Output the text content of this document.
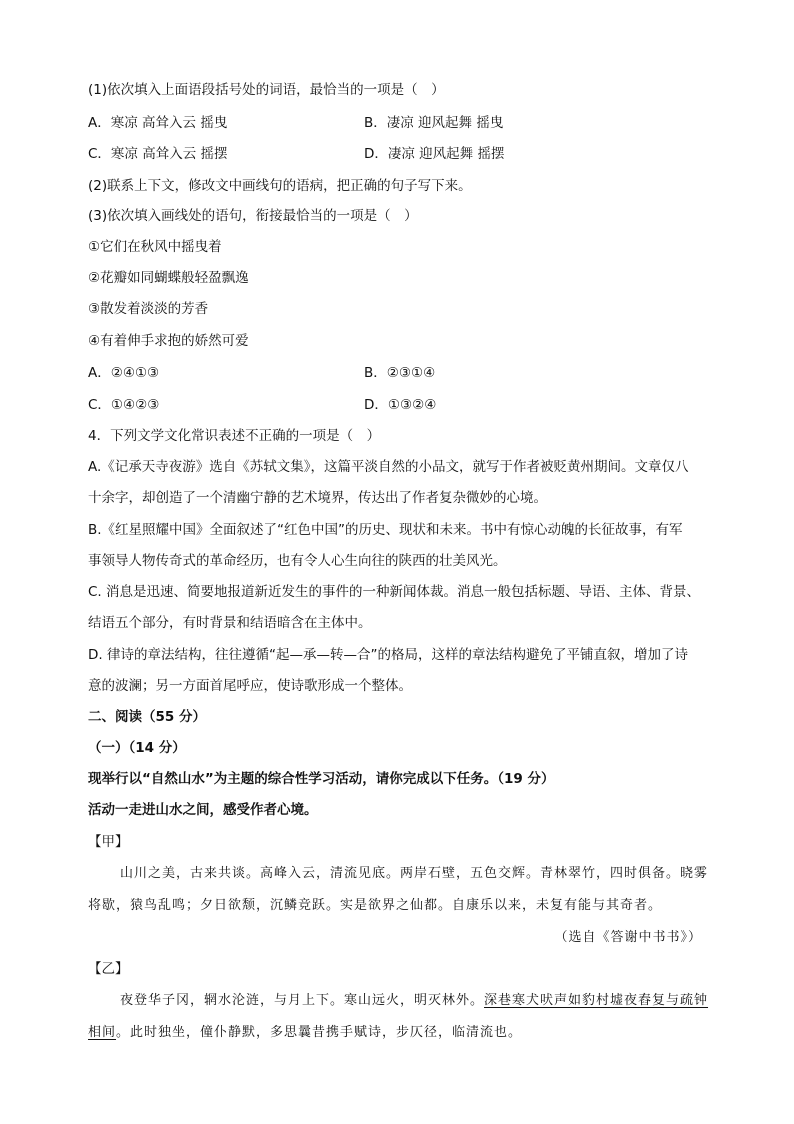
(1)依次填入上面语段括号处的词语，最恰当的一项是（　）
A．寒凉 高耸入云 摇曳	B．凄凉 迎风起舞 摇曳
C．寒凉 高耸入云 摇摆	D．凄凉 迎风起舞 摇摆
(2)联系上下文，修改文中画线句的语病，把正确的句子写下来。
(3)依次填入画线处的语句，衔接最恰当的一项是（　）
①它们在秋风中摇曳着
②花瓣如同蝴蝶般轻盈飘逸
③散发着淡淡的芳香
④有着伸手求抱的娇然可爱
A．②④①③	B．②③①④
C．①④②③	D．①③②④
4．下列文学文化常识表述不正确的一项是（　）
A.《记承天寺夜游》选自《苏轼文集》，这篇平淡自然的小品文，就写于作者被贬黄州期间。文章仅八
十余字，却创造了一个清幽宁静的艺术境界，传达出了作者复杂微妙的心境。
B.《红星照耀中国》全面叙述了“红色中国”的历史、现状和未来。书中有惊心动魄的长征故事，有军
事领导人物传奇式的革命经历，也有令人心生向往的陕西的壮美风光。
C. 消息是迅速、简要地报道新近发生的事件的一种新闻体裁。消息一般包括标题、导语、主体、背景、
结语五个部分，有时背景和结语暗含在主体中。
D. 律诗的章法结构，往往遵循“起—承—转—合”的格局，这样的章法结构避免了平铺直叙，增加了诗
意的波澜；另一方面首尾呼应，使诗歌形成一个整体。
二、阅读（55 分）
（一）（14 分）
现举行以“自然山水”为主题的综合性学习活动，请你完成以下任务。（19 分）
活动一走进山水之间，感受作者心境。
【甲】
山川之美，古来共谈。高峰入云，清流见底。两岸石壁，五色交辉。青林翠竹，四时俱备。晓雾
将歇，猿鸟乱鸣；夕日欲颓，沉鳞竞跃。实是欲界之仙都。自康乐以来，未复有能与其奇者。
（选自《答谢中书书》）
【乙】
夜登华子冈，辋水沦涟，与月上下。寒山远火，明灭林外。深巷寒犬吠声如豹村墟夜舂复与疏钟
相间。此时独坐，僮仆静默，多思曩昔携手赋诗，步仄径，临清流也。
